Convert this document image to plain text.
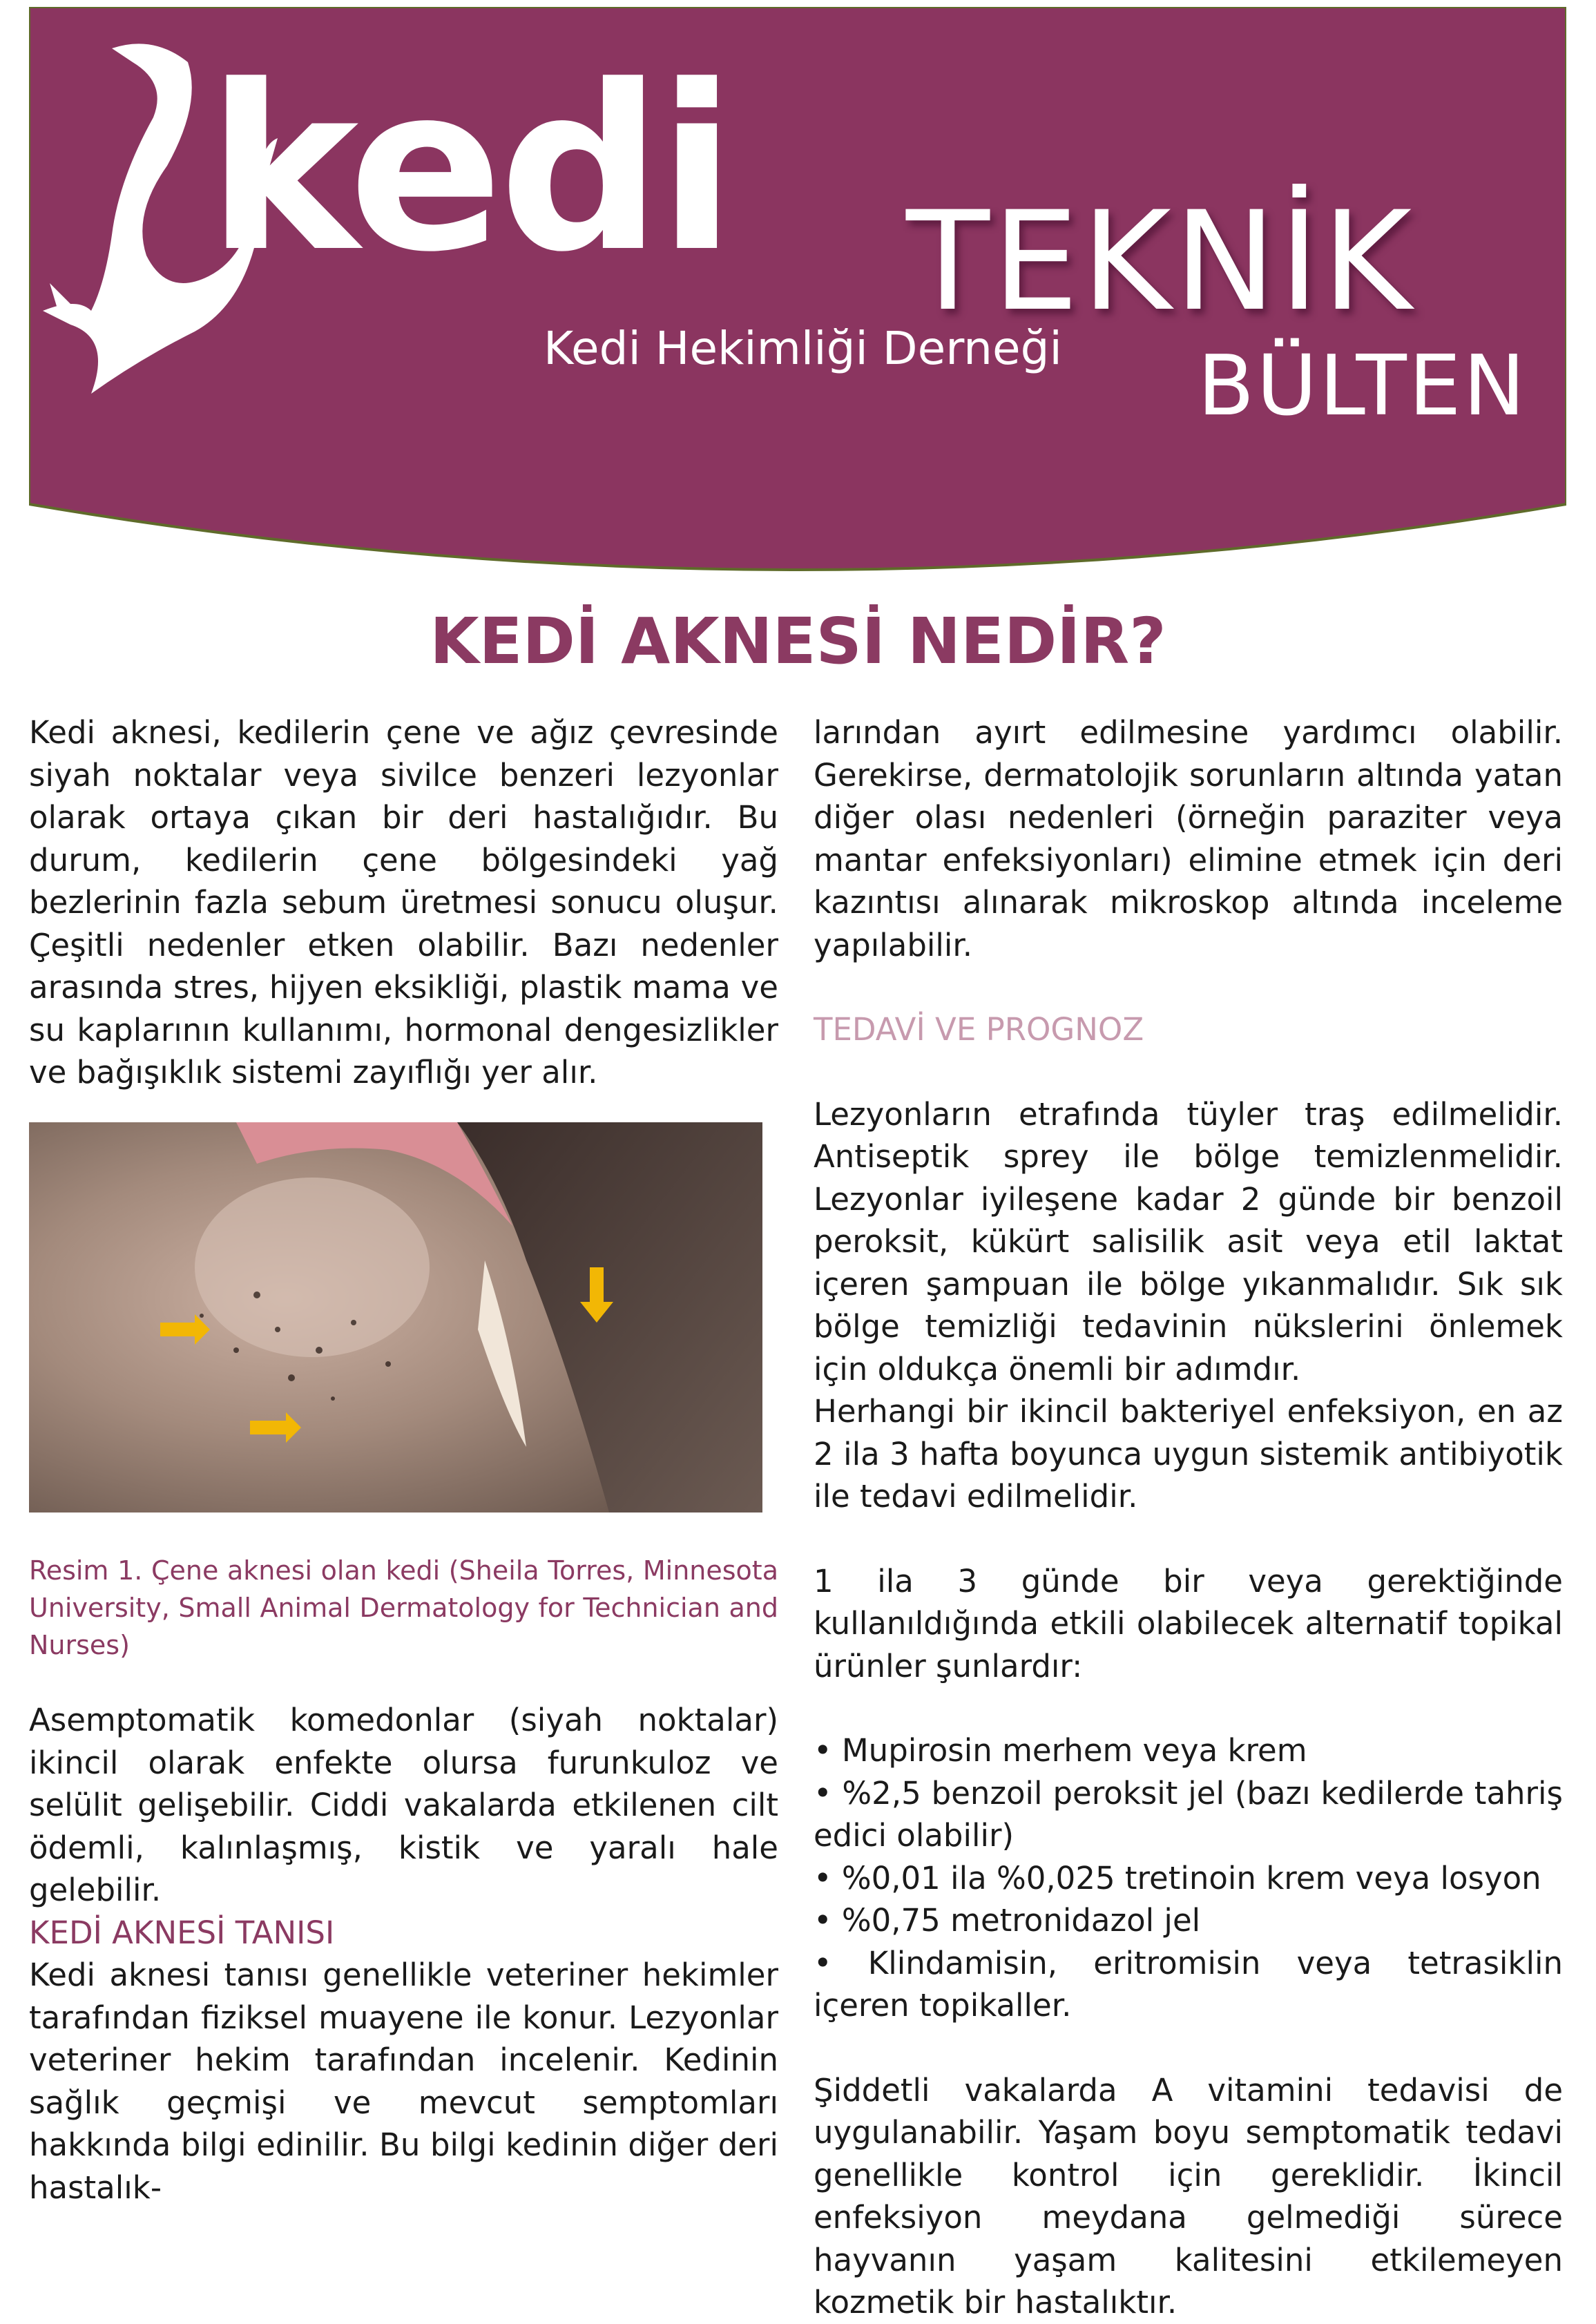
kedi
Kedi Hekimliği Derneği
TEKNİK
BÜLTEN
KEDİ AKNESİ NEDİR?

Kedi aknesi, kedilerin çene ve ağız çevresinde siyah noktalar veya sivilce benzeri lezyonlar olarak ortaya çıkan bir deri hastalığıdır. Bu durum, kedilerin çene bölgesindeki yağ bezlerinin fazla sebum üretmesi sonucu oluşur. Çeşitli nedenler etken olabilir. Bazı nedenler arasında stres, hijyen eksikliği, plastik mama ve su kaplarının kullanımı, hormonal dengesizlikler ve bağışıklık sistemi zayıflığı yer alır.

Resim 1. Çene aknesi olan kedi (Sheila Torres, Minnesota University, Small Animal Dermatology for Technician and Nurses)

Asemptomatik komedonlar (siyah noktalar) ikincil olarak enfekte olursa furunkuloz ve selülit gelişebilir. Ciddi vakalarda etkilenen cilt ödemli, kalınlaşmış, kistik ve yaralı hale gelebilir.

KEDİ AKNESİ TANISI

Kedi aknesi tanısı genellikle veteriner hekimler tarafından fiziksel muayene ile konur. Lezyonlar veteriner hekim tarafından incelenir. Kedinin sağlık geçmişi ve mevcut semptomları hakkında bilgi edinilir. Bu bilgi kedinin diğer deri hastalık-

larından ayırt edilmesine yardımcı olabilir. Gerekirse, dermatolojik sorunların altında yatan diğer olası nedenleri (örneğin paraziter veya mantar enfeksiyonları) elimine etmek için deri kazıntısı alınarak mikroskop altında inceleme yapılabilir.

TEDAVİ VE PROGNOZ

Lezyonların etrafında tüyler traş edilmelidir. Antiseptik sprey ile bölge temizlenmelidir. Lezyonlar iyileşene kadar 2 günde bir benzoil peroksit, kükürt salisilik asit veya etil laktat içeren şampuan ile bölge yıkanmalıdır. Sık sık bölge temizliği tedavinin nükslerini önlemek için oldukça önemli bir adımdır.

Herhangi bir ikincil bakteriyel enfeksiyon, en az 2 ila 3 hafta boyunca uygun sistemik antibiyotik ile tedavi edilmelidir.

1 ila 3 günde bir veya gerektiğinde kullanıldığında etkili olabilecek alternatif topikal ürünler şunlardır:

• Mupirosin merhem veya krem

• %2,5 benzoil peroksit jel (bazı kedilerde tahriş edici olabilir)

• %0,01 ila %0,025 tretinoin krem veya losyon

• %0,75 metronidazol jel

• Klindamisin, eritromisin veya tetrasiklin içeren topikaller.

Şiddetli vakalarda A vitamini tedavisi de uygulanabilir. Yaşam boyu semptomatik tedavi genellikle kontrol için gereklidir. İkincil enfeksiyon meydana gelmediği sürece hayvanın yaşam kalitesini etkilemeyen kozmetik bir hastalıktır.
